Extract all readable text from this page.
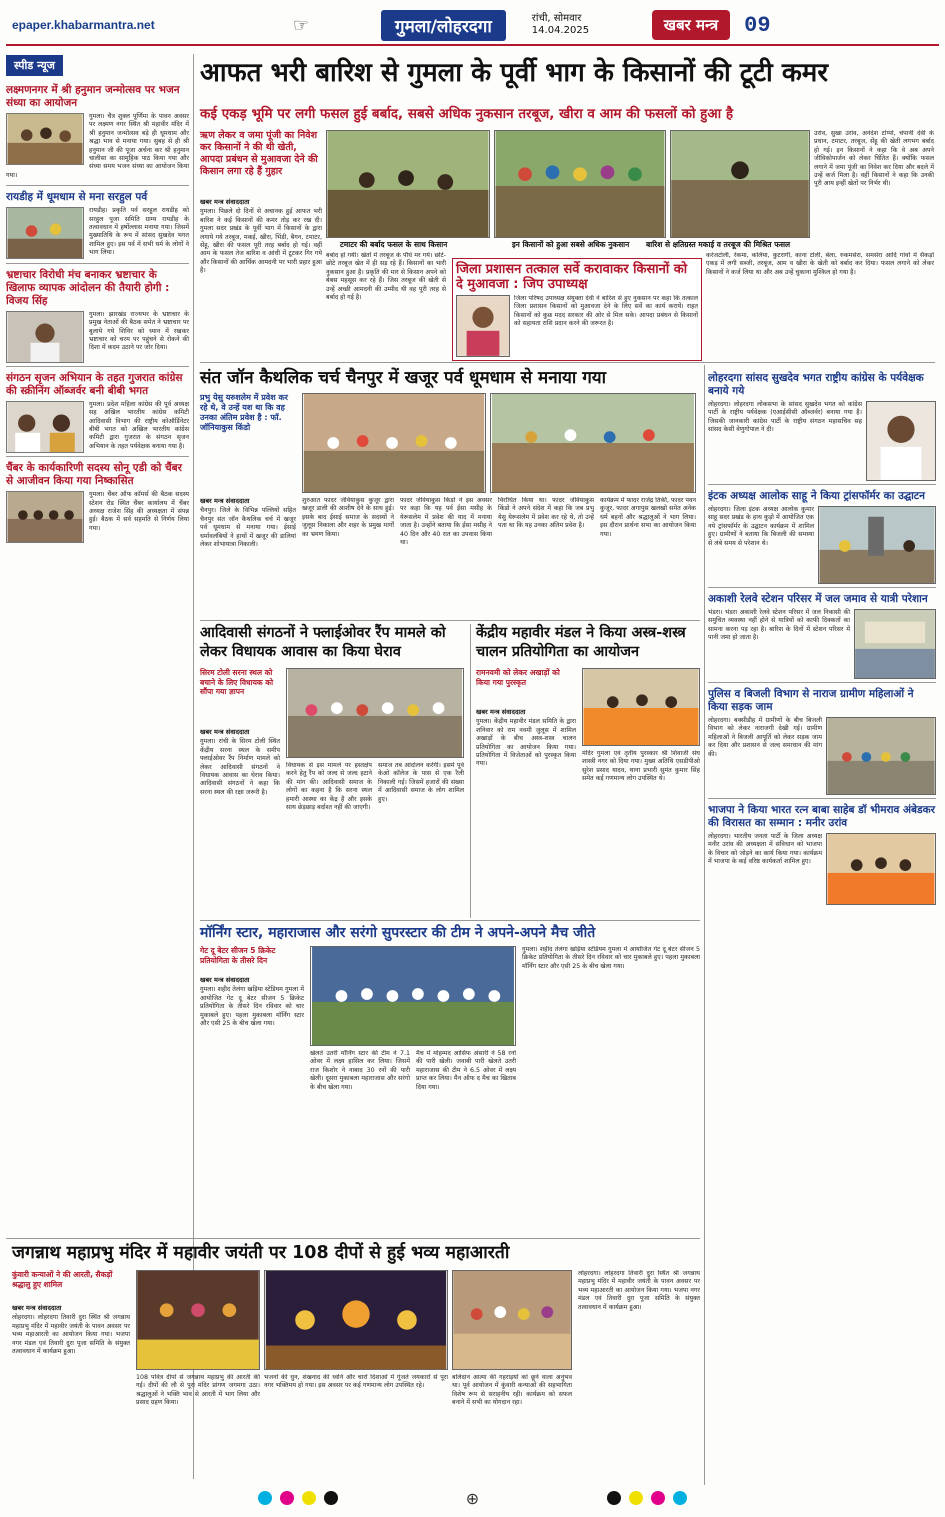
epaper.khabarmantra.net	☞	गुमला/लोहरदगा	रांची, सोमवार
14.04.2025	खबर मन्त्र	09
स्पीड न्यूज
लक्ष्मणनगर में श्री हनुमान जन्मोत्सव पर भजन संध्या का आयोजन
गुमला। चैत्र शुक्ल पूर्णिमा के पावन अवसर पर लक्ष्मण नगर स्थित श्री महावीर मंदिर में श्री हनुमान जन्मोत्सव बड़े ही धूमधाम और श्रद्धा भाव से मनाया गया। सुबह से ही श्री हनुमान जी की पूजा अर्चना कर श्री हनुमान चालीसा का सामूहिक पाठ किया गया और संध्या समय भजन संध्या का आयोजन किया गया।
रायडीह में धूमधाम से मना सरहुल पर्व
रायडीह। प्रकृति पर्व सरहुल रायडीह को सरहुल पूजा समिति ग्राम्य रायडीह के तत्वावधान में हर्षोल्लास मनाया गया। जिसमें मुख्यातिथि के रूप में सांसद सुखदेव भगत शामिल हुए। इस पर्व में सभी धर्म के लोगों ने भाग लिया।
भ्रष्टाचार विरोधी मंच बनाकर भ्रष्टाचार के खिलाफ व्यापक आंदोलन की तैयारी होगी : विजय सिंह
गुमला। झारखंड राज्यभर के भ्रष्टाचार के प्रमुख नेताओं की बैठक समेत ने भ्रष्टाचार पर बुलाये गये शिविर को ध्यान में रखकर भ्रष्टाचार को चरम पर पहुंचने से रोकने की दिशा में कदम उठाने पर जोर दिया।
संगठन सृजन अभियान के तहत गुजरात कांग्रेस की स्क्रीनिंग ऑब्जर्वर बनी बीबी भगत
गुमला। प्रदेश महिला कांग्रेस की पूर्व अध्यक्ष सह अखिल भारतीय कांग्रेस कमिटी आदिवासी विभाग की राष्ट्रीय कोऑर्डिनेटर बीबी भगत को अखिल भारतीय कांग्रेस कमिटी द्वारा गुजरात के संगठन सृजन अभियान के तहत पर्यवेक्षक बनाया गया है।
चैंबर के कार्यकारिणी सदस्य सोनू एडी को चैंबर से आजीवन किया गया निष्कासित
गुमला। चैंबर ऑफ कॉमर्स की बैठक सदस्य स्टेशन रोड स्थित चैंबर कार्यालय में चैंबर अध्यक्ष राजेश सिंह की अध्यक्षता में संपन्न हुई। बैठक में सर्व सहमति से निर्णय लिया गया।
आफत भरी बारिश से गुमला के पूर्वी भाग के किसानों की टूटी कमर
कई एकड़ भूमि पर लगी फसल हुई बर्बाद, सबसे अधिक नुकसान तरबूज, खीरा व आम की फसलों को हुआ है
ऋण लेकर व जमा पूंजी का निवेश कर किसानों ने की थी खेती, आपदा प्रबंधन से मुआवजा देने की किसान लगा रहे हैं गुहार
टमाटर की बर्बाद फसल के साथ किसान	इन किसानों को हुआ सबसे अधिक नुकसान बारिश से क्षतिग्रस्त मकाई व तरबूज की मिश्रित फसल
खबर मन्त्र संवाददाता
गुमला। पिछले दो दिनों से अचानक हुई आफत भरी बारिश ने कई किसानों की कमर तोड़ कर रख दी। गुमला सदर प्रखंड के पूर्वी भाग में किसानों के द्वारा लगाये गये तरबूज, मकई, खीरा, भिंडी, बैगन, टमाटर, सेंहू, खीरा की फसल पूरी तरह बर्बाद हो गई। वहीं आम के फसल तेज बारिश व आंधी में टूटकर गिर गये और किसानों की आर्थिक आमदनी पर भारी प्रहार हुआ है।
बर्बाद हो गयी। खेतों में तरबूज के पौधे मर गये। छोटे-छोटे तरबूज खेत में ही सड़ रहे हैं। किसानों का भारी नुकसान हुआ है। प्रकृति की मार से किसान अपने को बेबस महसूस कर रहे हैं। जिस तरबूज की खेती से उन्हें अच्छी आमदनी की उम्मीद थी वह पूरी तरह से बर्बाद हो गई है।
जिला प्रशासन तत्काल सर्वे करावाकर किसानों को दे मुआवजा : जिप उपाध्यक्ष
जिला परिषद उपाध्यक्ष संयुक्ता देवी ने बारिश से हुए नुकसान पर कहा कि तत्काल जिला प्रशासन किसानों को मुआवजा देने के लिए सर्वे का कार्य करायें। राहत किसानों को कुछ मदद सरकार की ओर से मिल सके। आपदा प्रबंधन से किसानों को सहायता राशि प्रदान करने की जरूरत है।
उरांव, सुखा उरांव, अनंदेश टोप्पो, चंपानी देवी के प्रधान, टमाटर, तरबूज, सेंहू की खेती लगभग बर्बाद हो गई। इन किसानों ने कहा कि वे अब अपने जीविकोपार्जन को लेकर चिंतित हैं। क्योंकि फसल लगाने में जमा पूंजी का निवेश कर दिया और बदले में उन्हें कर्ज मिला है। वहीं किसानों ने कहा कि उनकी पूरी आय इन्हीं खेतों पर निर्भर थी।
करंजटोली, रेकमा, कलिया, कुटरागी, काना टोली, बेला, रुकमसेरा, समसेरा आदि गांवों में सैकड़ों एकड़ में लगी सब्जी, तरबूज, आम व खीरा के खेती को बर्बाद कर दिया। फसल लगाने को लेकर किसानों ने कर्ज लिया था और अब उन्हें चुकाना मुश्किल हो गया है।
संत जॉन कैथलिक चर्च चैनपुर में खजूर पर्व धूमधाम से मनाया गया
प्रभु येसु यरुशलेम में प्रवेश कर रहे थे, वे उन्हें यश था कि वह उनका अंतिम प्रवेश है : फॉ. जॉनियाकुस किंडो
खबर मन्त्र संवाददाता
चैनपुर। जिले के विभिन्न पल्लियों सहित चैनपुर संत जॉन कैथलिक चर्च में खजूर पर्व धूमधाम से मनाया गया। ईसाई धर्मावलंबियों ने हाथों में खजूर की डालियां लेकर शोभायात्रा निकाली।
शुरुआत फादर जेवियाकुस कुजूर द्वारा खजूर डाली की आशीष देने के साथ हुई। इसके बाद ईसाई समाज के सदस्यों ने जुलूस निकाला और शहर के प्रमुख मार्गों का भ्रमण किया।
फादर जेवियाकुस किंडो ने इस अवसर पर कहा कि यह पर्व ईसा मसीह के येरूसलेम में प्रवेश की याद में मनाया जाता है। उन्होंने बताया कि ईसा मसीह ने 40 दिन और 40 रात का उपवास किया था।
विरोधित किया था। फादर जेवियाकुस किंडो ने अपने संदेश में कहा कि जब प्रभु येसु येरूसलेम में प्रवेश कर रहे थे, तो उन्हें पता था कि यह उनका अंतिम प्रवेश है।
कार्यक्रम में फादर राजेंद्र तिर्की, फादर पवन कुजूर, फादर अगापुस खलखो समेत अनेक धर्म बहनों और श्रद्धालुओं ने भाग लिया। इस दौरान प्रार्थना सभा का आयोजन किया गया।
लोहरदगा सांसद सुखदेव भगत राष्ट्रीय कांग्रेस के पर्यवेक्षक बनाये गये
लोहरदगा। लोहरदगा लोकसभा के सांसद सुखदेव भगत को कांग्रेस पार्टी के राष्ट्रीय पर्यवेक्षक (एआईसीसी ऑब्जर्वर) बनाया गया है। जिसकी जानकारी कांग्रेस पार्टी के राष्ट्रीय संगठन महासचिव सह सांसद केसी वेणुगोपाल ने दी।
इंटक अध्यक्ष आलोक साहू ने किया ट्रांसफॉर्मर का उद्घाटन
लोहरदगा। जिला इंटक अध्यक्ष आलोक कुमार साहू सदर प्रखंड के हाथ कुड़ो में आयोजित एक नये ट्रांसफॉर्मर के उद्घाटन कार्यक्रम में शामिल हुए। ग्रामीणों ने बताया कि बिजली की समस्या से लंबे समय से परेशान थे।
अकाशी रेलवे स्टेशन परिसर में जल जमाव से यात्री परेशान
भंडरा। भंडरा अकाशी रेलवे स्टेशन परिसर में जल निकासी की समुचित व्यवस्था नहीं होने से यात्रियों को काफी दिक्कतों का सामना करना पड़ रहा है। बारिश के दिनों में स्टेशन परिसर में पानी जमा हो जाता है।
पुलिस व बिजली विभाग से नाराज ग्रामीण महिलाओं ने किया सड़क जाम
लोहरदगा। बक्सीडीह में ग्रामीणों के बीच बिजली विभाग को लेकर नाराजगी देखी गई। ग्रामीण महिलाओं ने बिजली आपूर्ति को लेकर सड़क जाम कर दिया और प्रशासन से जल्द समाधान की मांग की।
भाजपा ने किया भारत रत्न बाबा साहेब डॉ भीमराव अंबेडकर की विरासत का सम्मान : मनीर उरांव
लोहरदगा। भारतीय जनता पार्टी के जिला अध्यक्ष मनीर उरांव की अध्यक्षता में संविधान को भाजपा के विचार को जोड़ने का कार्य किया गया। कार्यक्रम में भाजपा के कई वरिष्ठ कार्यकर्ता शामिल हुए।
आदिवासी संगठनों ने फ्लाईओवर रैंप मामले को लेकर विधायक आवास का किया घेराव
सिरम टोली सरना स्थल को बचाने के लिए विधायक को सौंपा गया ज्ञापन
खबर मन्त्र संवाददाता
गुमला। रांची के सिरम टोली स्थित केंद्रीय सरना स्थल के समीप फ्लाईओवर रैंप निर्माण मामले को लेकर आदिवासी संगठनों ने विधायक आवास का घेराव किया। आदिवासी संगठनों ने कहा कि सरना स्थल की रक्षा जरूरी है।
विधायक से इस मामले पर हस्तक्षेप करने हेतु रैंप को जल्द से जल्द हटाने की मांग की। आदिवासी समाज के लोगों का कहना है कि सरना स्थल हमारी आस्था का केंद्र है और इसके साथ छेड़छाड़ बर्दाश्त नहीं की जाएगी।
समाज तब आंदोलन करेगी। इसमें पूर्व केओ कॉलेज के पास से एक रैली निकाली गई। जिसमें हजारों की संख्या में आदिवासी समाज के लोग शामिल हुए।
केंद्रीय महावीर मंडल ने किया अस्त्र-शस्त्र चालन प्रतियोगिता का आयोजन
रामनवमी को लेकर अखाड़ों को किया गया पुरस्कृत
खबर मन्त्र संवाददाता
गुमला। केंद्रीय महावीर मंडल समिति के द्वारा शनिवार को राम नवमी जुलूस में शामिल अखाड़ों के बीच अस्त्र-शस्त्र चालन प्रतियोगिता का आयोजन किया गया। प्रतियोगिता में विजेताओं को पुरस्कृत किया गया।
मंदिर गुमला एवं तृतीय पुरस्कार श्री शिवाजी संघ शास्त्री नगर को दिया गया। मुख्य अतिथि एसडीपीओ सुरेश प्रसाद यादव, थाना प्रभारी सुमंत कुमार सिंह समेत कई गणमान्य लोग उपस्थित थे।
मॉर्निंग स्टार, महाराजास और सरंगो सुपरस्टार की टीम ने अपने-अपने मैच जीते
गेट दू बेटर सीजन 5 क्रिकेट प्रतियोगिता के तीसरे दिन
खबर मन्त्र संवाददाता
गुमला। शहीद तेलंगा खड़िया स्टेडियम गुमला में आयोजित गेट दू बेटर सीजन 5 क्रिकेट प्रतियोगिता के तीसरे दिन रविवार को चार मुकाबले हुए। पहला मुकाबला मॉर्निंग स्टार और एसी 25 के बीच खेला गया।
खेलते उतरी मॉर्निंग स्टार की टीम ने 7.1 ओवर में लक्ष्य हासिल कर लिया। जिसमें राज किशोर ने नाबाद 30 रनों की पारी खेली। दूसरा मुकाबला महाराजास और सरंगो के बीच खेला गया।
मैच में मोहम्मद आसिफ अंसारी ने 58 रनों की पारी खेली। जवाबी पारी खेलते उतरी महाराजास की टीम ने 6.5 ओवर में लक्ष्य प्राप्त कर लिया। मैन ऑफ द मैच का खिताब दिया गया।
गुमला। शहीद तेलंगा खड़िया स्टेडियम गुमला में आयोजित गेट दू बेटर सीजन 5 क्रिकेट प्रतियोगिता के तीसरे दिन रविवार को चार मुकाबले हुए। पहला मुकाबला मॉर्निंग स्टार और एसी 25 के बीच खेला गया।
जगन्नाथ महाप्रभु मंदिर में महावीर जयंती पर 108 दीपों से हुई भव्य महाआरती
कुंवारी कन्याओं ने की आरती, सैकड़ों श्रद्धालु हुए शामिल
खबर मन्त्र संवाददाता
लोहरदगा। लोहरदगा तिवारी दुरा स्थित श्री जगन्नाथ महाप्रभु मंदिर में महावीर जयंती के पावन अवसर पर भव्य महाआरती का आयोजन किया गया। भजपा नगर मंडल एवं तिवारी दुरा पूजा समिति के संयुक्त तत्वावधान में कार्यक्रम हुआ।
108 पवित्र दीपों से जगन्नाथ महाप्रभु की आरती की गई। दीपों की लौ से पूरा मंदिर प्रांगण जगमगा उठा। श्रद्धालुओं ने भक्ति भाव से आरती में भाग लिया और प्रसाद ग्रहण किया।
भजनों की धुन, शंखनाद की ध्वनि और चारों दिशाओं में गूंजते जयकारों से पूरा नगर भक्तिमय हो गया। इस अवसर पर कई गणमान्य लोग उपस्थित रहे।
बलिदान आत्मा की गहराइयों को छूने वाला अनुभव था। पूर्व आयोजन में कुंवारी कन्याओं की सहभागिता विशेष रूप से सराहनीय रही। कार्यक्रम को सफल बनाने में सभी का योगदान रहा।
लोहरदगा। लोहरदगा तिवारी दुरा स्थित श्री जगन्नाथ महाप्रभु मंदिर में महावीर जयंती के पावन अवसर पर भव्य महाआरती का आयोजन किया गया। भजपा नगर मंडल एवं तिवारी दुरा पूजा समिति के संयुक्त तत्वावधान में कार्यक्रम हुआ।
⊕
